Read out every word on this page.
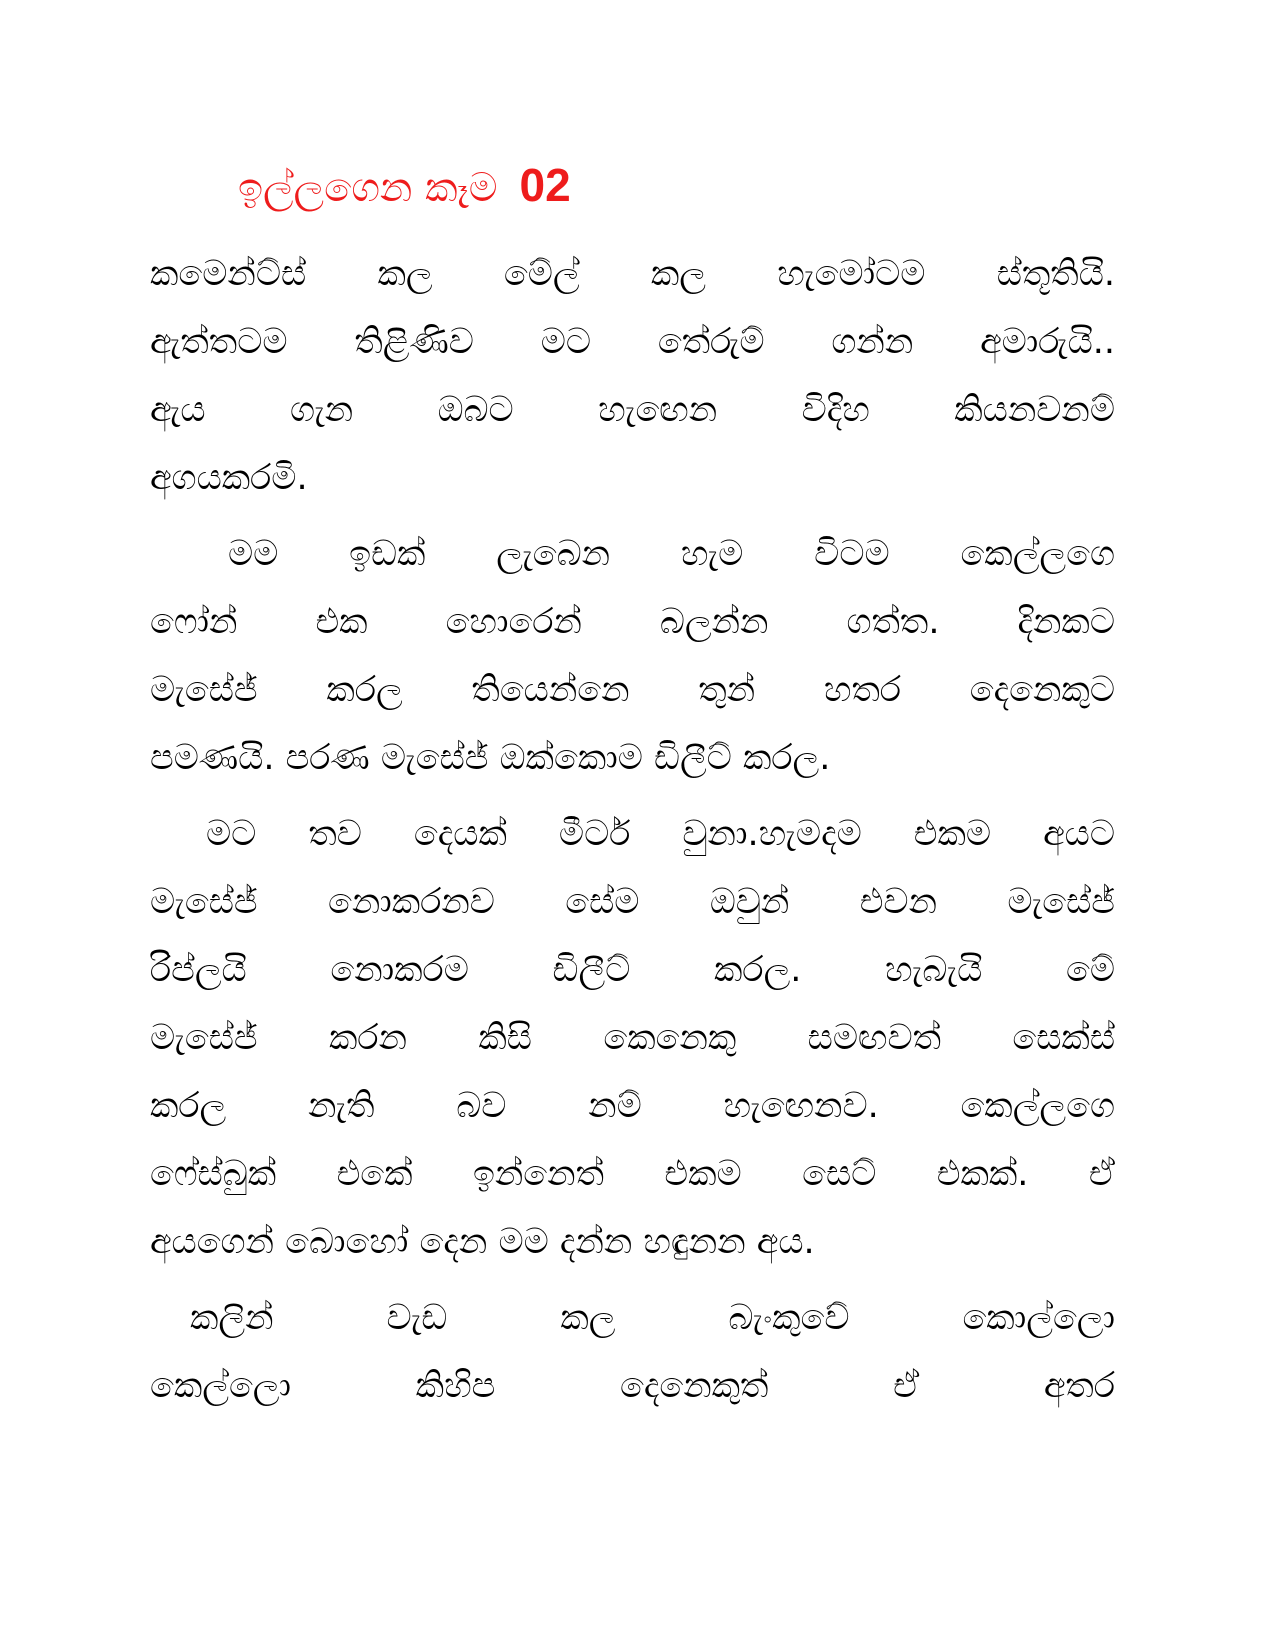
ඉල්ලගෙන කෑම 02
කමෙන්ට්ස් කල මේල් කල හැමෝටම ස්තූතියි.
ඇත්තටම තිළිණිව මට තේරුම් ගන්න අමාරුයි..
ඇය ගැන ඔබට හැඟෙන විදිහ කියනවනම්
අගයකරමි.
මම ඉඩක් ලැබෙන හැම විටම කෙල්ලගෙ
ෆෝන් එක හොරෙන් බලන්න ගත්ත. දිනකට
මැසේජ් කරල තියෙන්නෙ තුන් හතර දෙනෙකුට
පමණයි. පරණ මැසේජ් ඔක්කොම ඩිලීට් කරල.
මට තව දෙයක් මීටර් වුනා.හැමදම එකම අයට
මැසේජ් නොකරනව සේම ඔවුන් එවන මැසේජ්
රිප්ලයි නොකරම ඩිලීට් කරල. හැබැයි මේ
මැසේජ් කරන කිසි කෙනෙකු සමඟවත් සෙක්ස්
කරල නැති බව නම් හැඟෙනව. කෙල්ලගෙ
ෆේස්බුක් එකේ ඉන්නෙත් එකම සෙට් එකක්. ඒ
අයගෙන් බොහෝ දෙන මම දන්න හඳුනන අය.
කලින් වැඩ කල බැංකුවේ කොල්ලො
කෙල්ලො කිහිප දෙනෙකුත් ඒ අතර
